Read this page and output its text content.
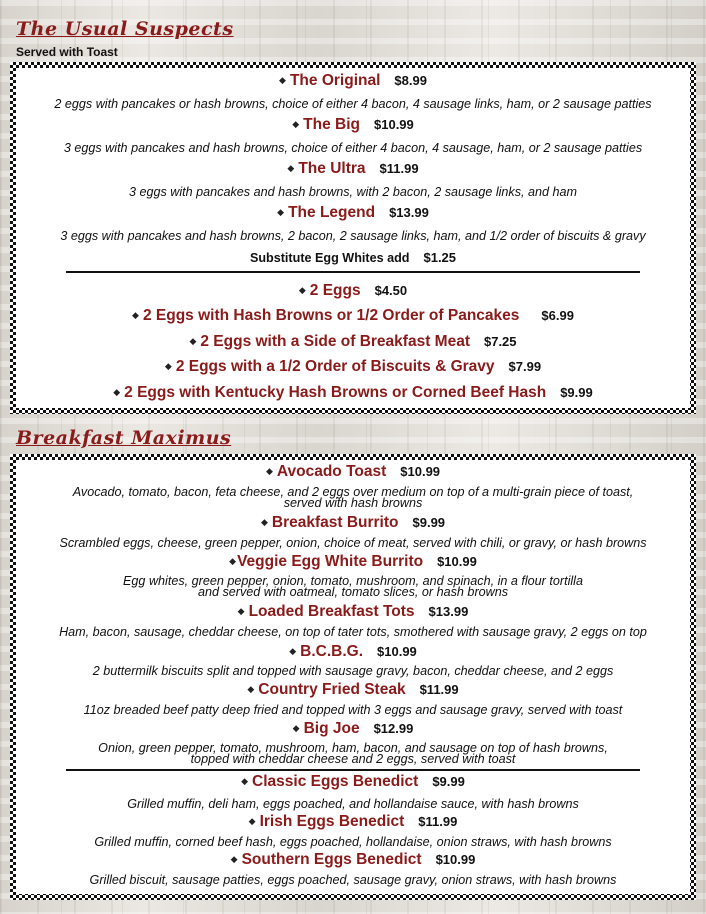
The Usual Suspects
Served with Toast
◆ The Original $8.99
2 eggs with pancakes or hash browns, choice of either 4 bacon, 4 sausage links, ham, or 2 sausage patties
◆ The Big $10.99
3 eggs with pancakes and hash browns, choice of either 4 bacon, 4 sausage, ham, or 2 sausage patties
◆ The Ultra $11.99
3 eggs with pancakes and hash browns, with 2 bacon, 2 sausage links, and ham
◆ The Legend $13.99
3 eggs with pancakes and hash browns, 2 bacon, 2 sausage links, ham, and 1/2 order of biscuits & gravy
Substitute Egg Whites add $1.25
◆ 2 Eggs $4.50
◆ 2 Eggs with Hash Browns or 1/2 Order of Pancakes $6.99
◆ 2 Eggs with a Side of Breakfast Meat $7.25
◆ 2 Eggs with a 1/2 Order of Biscuits & Gravy $7.99
◆ 2 Eggs with Kentucky Hash Browns or Corned Beef Hash $9.99
Breakfast Maximus
◆ Avocado Toast $10.99
Avocado, tomato, bacon, feta cheese, and 2 eggs over medium on top of a multi-grain piece of toast,
served with hash browns
◆ Breakfast Burrito $9.99
Scrambled eggs, cheese, green pepper, onion, choice of meat, served with chili, or gravy, or hash browns
◆Veggie Egg White Burrito $10.99
Egg whites, green pepper, onion, tomato, mushroom, and spinach, in a flour tortilla
and served with oatmeal, tomato slices, or hash browns
◆ Loaded Breakfast Tots $13.99
Ham, bacon, sausage, cheddar cheese, on top of tater tots, smothered with sausage gravy, 2 eggs on top
◆ B.C.B.G. $10.99
2 buttermilk biscuits split and topped with sausage gravy, bacon, cheddar cheese, and 2 eggs
◆ Country Fried Steak $11.99
11oz breaded beef patty deep fried and topped with 3 eggs and sausage gravy, served with toast
◆ Big Joe $12.99
Onion, green pepper, tomato, mushroom, ham, bacon, and sausage on top of hash browns,
topped with cheddar cheese and 2 eggs, served with toast
◆ Classic Eggs Benedict $9.99
Grilled muffin, deli ham, eggs poached, and hollandaise sauce, with hash browns
◆ Irish Eggs Benedict $11.99
Grilled muffin, corned beef hash, eggs poached, hollandaise, onion straws, with hash browns
◆ Southern Eggs Benedict $10.99
Grilled biscuit, sausage patties, eggs poached, sausage gravy, onion straws, with hash browns
